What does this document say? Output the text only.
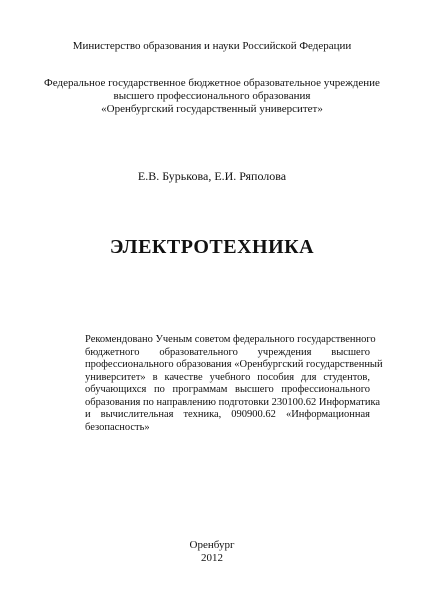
Министерство образования и науки Российской Федерации
Федеральное государственное бюджетное образовательное учреждение
высшего профессионального образования
«Оренбургский государственный университет»
Е.В. Бурькова, Е.И. Ряполова
ЭЛЕКТРОТЕХНИКА
Рекомендовано Ученым советом федерального государственного
бюджетного образовательного учреждения высшего
профессионального образования «Оренбургский государственный
университет» в качестве учебного пособия для студентов,
обучающихся по программам высшего профессионального
образования по направлению подготовки 230100.62 Информатика
и вычислительная техника, 090900.62 «Информационная
безопасность»
Оренбург
2012
